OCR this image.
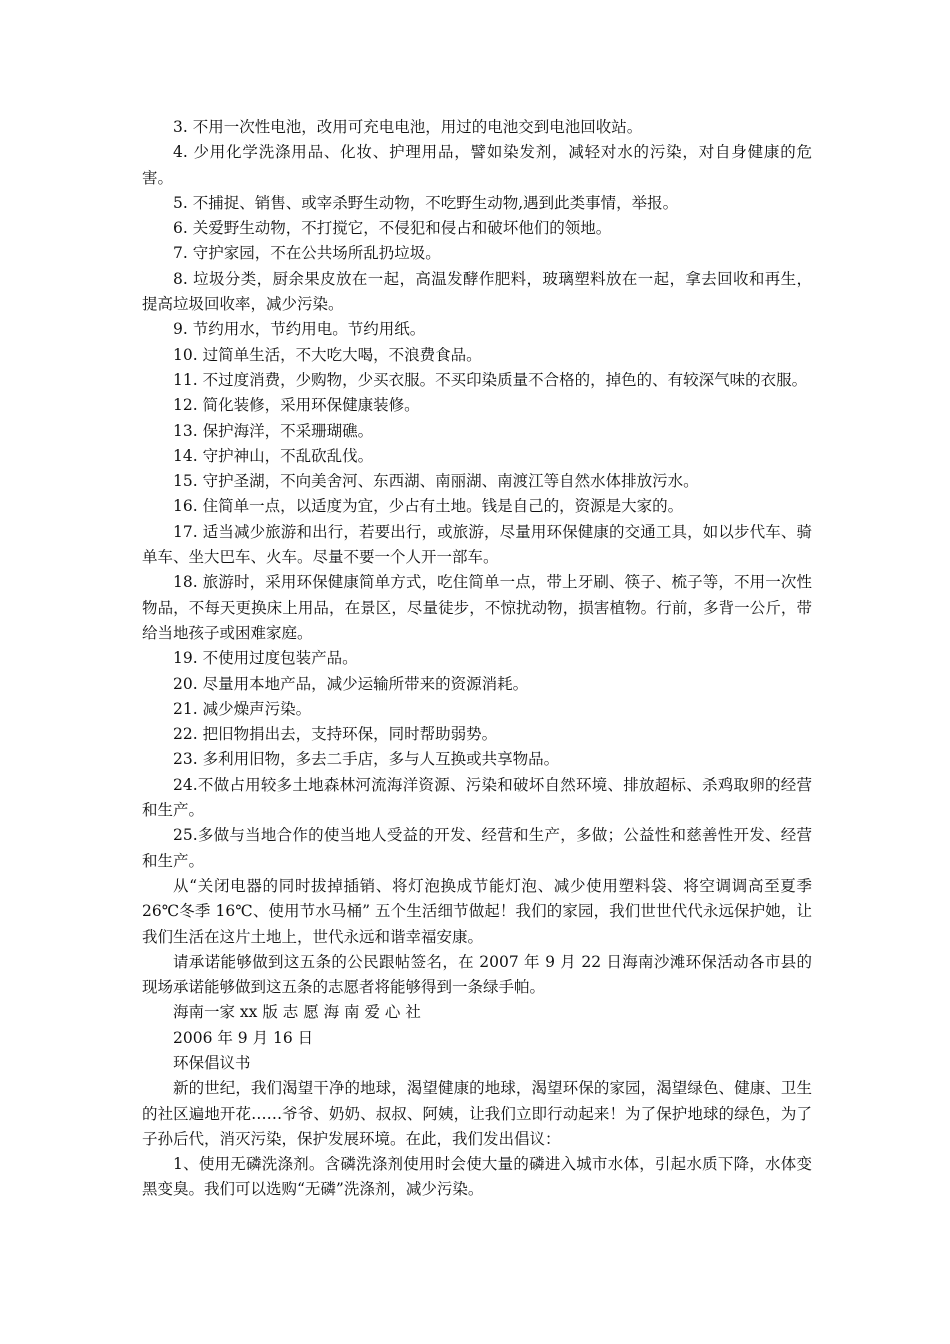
3. 不用一次性电池，改用可充电电池，用过的电池交到电池回收站。

4. 少用化学洗涤用品、化妆、护理用品，譬如染发剂，减轻对水的污染，对自身健康的危害。

5. 不捕捉、销售、或宰杀野生动物，不吃野生动物,遇到此类事情，举报。

6. 关爱野生动物，不打搅它，不侵犯和侵占和破坏他们的领地。

7. 守护家园，不在公共场所乱扔垃圾。

8. 垃圾分类，厨余果皮放在一起，高温发酵作肥料，玻璃塑料放在一起，拿去回收和再生，提高垃圾回收率，减少污染。

9. 节约用水，节约用电。节约用纸。

10. 过简单生活，不大吃大喝，不浪费食品。

11. 不过度消费，少购物，少买衣服。不买印染质量不合格的，掉色的、有较深气味的衣服。

12. 简化装修，采用环保健康装修。

13. 保护海洋，不采珊瑚礁。

14. 守护神山，不乱砍乱伐。

15. 守护圣湖，不向美舍河、东西湖、南丽湖、南渡江等自然水体排放污水。

16. 住简单一点，以适度为宜，少占有土地。钱是自己的，资源是大家的。

17. 适当减少旅游和出行，若要出行，或旅游，尽量用环保健康的交通工具，如以步代车、骑单车、坐大巴车、火车。尽量不要一个人开一部车。

18. 旅游时，采用环保健康简单方式，吃住简单一点，带上牙刷、筷子、梳子等，不用一次性物品，不每天更换床上用品，在景区，尽量徒步，不惊扰动物，损害植物。行前，多背一公斤，带给当地孩子或困难家庭。

19. 不使用过度包装产品。

20. 尽量用本地产品，减少运输所带来的资源消耗。

21. 减少燥声污染。

22. 把旧物捐出去，支持环保，同时帮助弱势。

23. 多利用旧物，多去二手店，多与人互换或共享物品。

24.不做占用较多土地森林河流海洋资源、污染和破坏自然环境、排放超标、杀鸡取卵的经营和生产。

25.多做与当地合作的使当地人受益的开发、经营和生产，多做；公益性和慈善性开发、经营和生产。

从“关闭电器的同时拔掉插销、将灯泡换成节能灯泡、减少使用塑料袋、将空调调高至夏季 26℃冬季 16℃、使用节水马桶” 五个生活细节做起！我们的家园，我们世世代代永远保护她，让我们生活在这片土地上，世代永远和谐幸福安康。

请承诺能够做到这五条的公民跟帖签名，在 2007 年 9 月 22 日海南沙滩环保活动各市县的现场承诺能够做到这五条的志愿者将能够得到一条绿手帕。

海南一家 xx 版 志 愿 海 南 爱 心 社

2006 年 9 月 16 日

环保倡议书

新的世纪，我们渴望干净的地球，渴望健康的地球，渴望环保的家园，渴望绿色、健康、卫生的社区遍地开花……爷爷、奶奶、叔叔、阿姨，让我们立即行动起来！为了保护地球的绿色，为了子孙后代，消灭污染，保护发展环境。在此，我们发出倡议：

1、使用无磷洗涤剂。含磷洗涤剂使用时会使大量的磷进入城市水体，引起水质下降，水体变黑变臭。我们可以选购“无磷”洗涤剂，减少污染。
